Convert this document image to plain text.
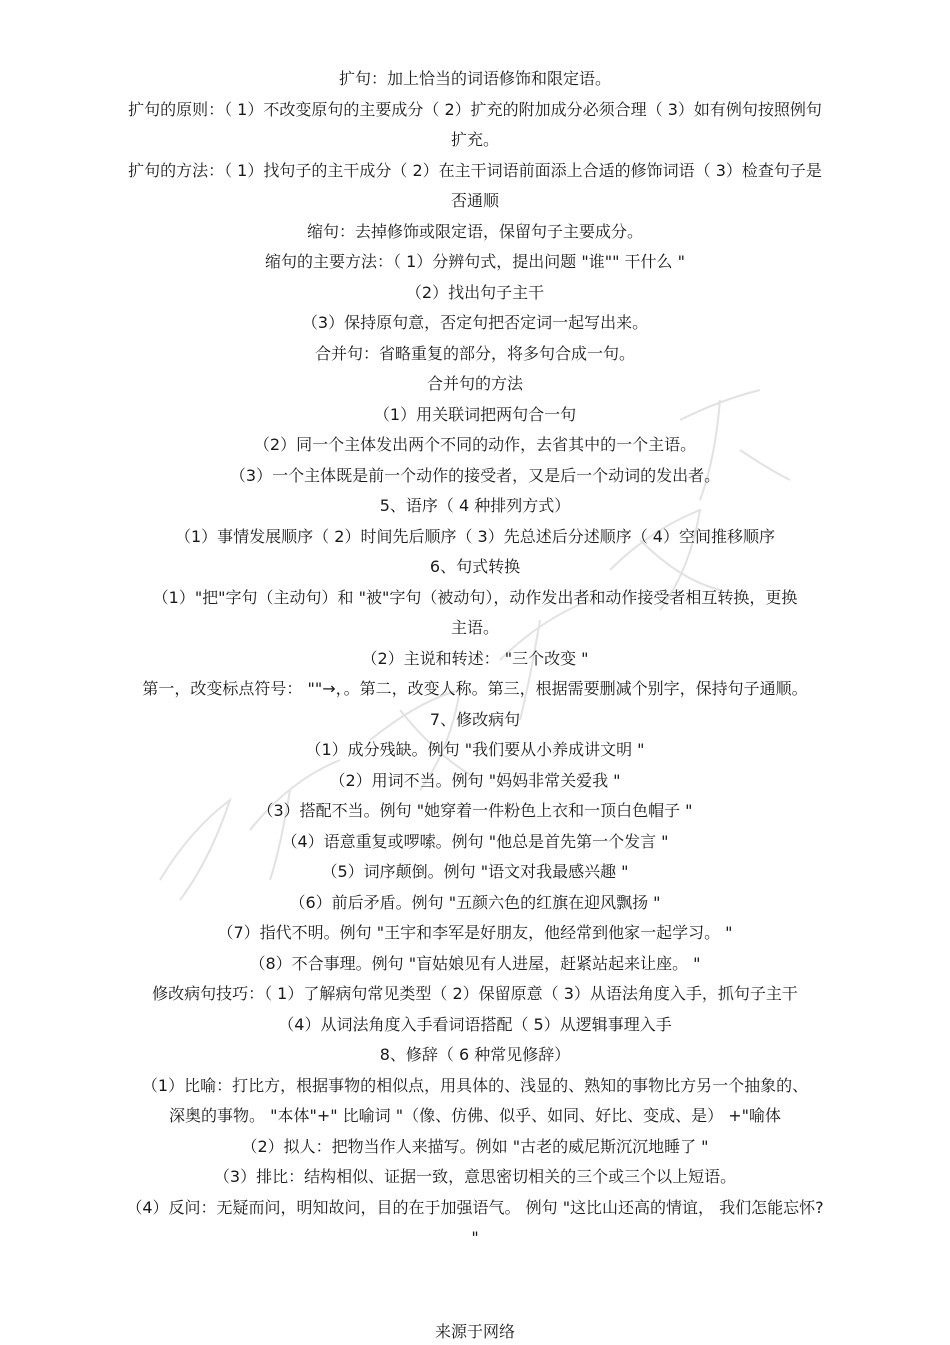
扩句：加上恰当的词语修饰和限定语。

扩句的原则：（ 1）不改变原句的主要成分（ 2）扩充的附加成分必须合理（ 3）如有例句按照例句

扩充。

扩句的方法：（ 1）找句子的主干成分（ 2）在主干词语前面添上合适的修饰词语（ 3）检查句子是

否通顺

缩句：去掉修饰或限定语，保留句子主要成分。

缩句的主要方法：（ 1）分辨句式，提出问题 "谁"" 干什么 "

（2）找出句子主干

（3）保持原句意，否定句把否定词一起写出来。

合并句：省略重复的部分，将多句合成一句。

合并句的方法

（1）用关联词把两句合一句

（2）同一个主体发出两个不同的动作，去省其中的一个主语。

（3）一个主体既是前一个动作的接受者，又是后一个动词的发出者。

5、语序（ 4 种排列方式）

（1）事情发展顺序（ 2）时间先后顺序（ 3）先总述后分述顺序（ 4）空间推移顺序

6、句式转换

（1）"把"字句（主动句）和 "被"字句（被动句），动作发出者和动作接受者相互转换，更换

主语。

（2）主说和转述： "三个改变 "

第一，改变标点符号： ""→，。第二，改变人称。第三，根据需要删减个别字，保持句子通顺。

7、修改病句

（1）成分残缺。例句 "我们要从小养成讲文明 "

（2）用词不当。例句 "妈妈非常关爱我 "

（3）搭配不当。例句 "她穿着一件粉色上衣和一顶白色帽子 "

（4）语意重复或啰嗦。例句 "他总是首先第一个发言 "

（5）词序颠倒。例句 "语文对我最感兴趣 "

（6）前后矛盾。例句 "五颜六色的红旗在迎风飘扬 "

（7）指代不明。例句 "王宇和李军是好朋友，他经常到他家一起学习。 "

（8）不合事理。例句 "盲姑娘见有人进屋，赶紧站起来让座。 "

修改病句技巧：（ 1）了解病句常见类型（ 2）保留原意（ 3）从语法角度入手，抓句子主干

（4）从词法角度入手看词语搭配（ 5）从逻辑事理入手

8、修辞（ 6 种常见修辞）

（1）比喻：打比方，根据事物的相似点，用具体的、浅显的、熟知的事物比方另一个抽象的、

深奥的事物。 "本体"+" 比喻词 "（像、仿佛、似乎、如同、好比、变成、是） +"喻体

（2）拟人：把物当作人来描写。例如 "古老的威尼斯沉沉地睡了 "

（3）排比：结构相似、证据一致，意思密切相关的三个或三个以上短语。

（4）反问：无疑而问，明知故问，目的在于加强语气。 例句 "这比山还高的情谊， 我们怎能忘怀?

"

来源于网络
